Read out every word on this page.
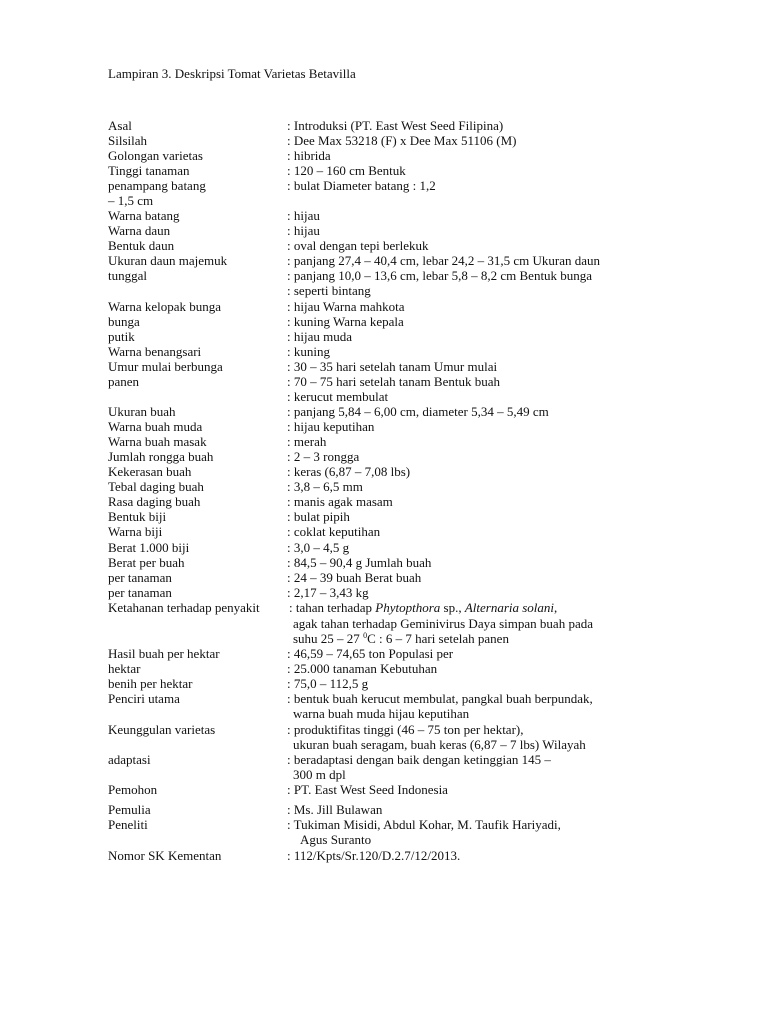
Lampiran 3. Deskripsi Tomat Varietas Betavilla
Asal	: Introduksi (PT. East West Seed Filipina)
Silsilah	: Dee Max 53218 (F) x Dee Max 51106 (M)
Golongan varietas	: hibrida
Tinggi tanaman	: 120 – 160 cm Bentuk
penampang batang	: bulat Diameter batang : 1,2
– 1,5 cm
Warna batang	: hijau
Warna daun	: hijau
Bentuk daun	: oval dengan tepi berlekuk
Ukuran daun majemuk	: panjang 27,4 – 40,4 cm, lebar 24,2 – 31,5 cm Ukuran daun
tunggal	: panjang 10,0 – 13,6 cm, lebar 5,8 – 8,2 cm Bentuk bunga
: seperti bintang
Warna kelopak bunga	: hijau Warna mahkota
bunga	: kuning Warna kepala
putik	: hijau muda
Warna benangsari	: kuning
Umur mulai berbunga	: 30 – 35 hari setelah tanam Umur mulai
panen	: 70 – 75 hari setelah tanam Bentuk buah
: kerucut membulat
Ukuran buah	: panjang 5,84 – 6,00 cm, diameter 5,34 – 5,49 cm
Warna buah muda	: hijau keputihan
Warna buah masak	: merah
Jumlah rongga buah	: 2 – 3 rongga
Kekerasan buah	: keras (6,87 – 7,08 lbs)
Tebal daging buah	: 3,8 – 6,5 mm
Rasa daging buah	: manis agak masam
Bentuk biji	: bulat pipih
Warna biji	: coklat keputihan
Berat 1.000 biji	: 3,0 – 4,5 g
Berat per buah	: 84,5 – 90,4 g Jumlah buah
per tanaman	: 24 – 39 buah Berat buah
per tanaman	: 2,17 – 3,43 kg
Ketahanan terhadap penyakit : tahan terhadap Phytopthora sp., Alternaria solani,
agak tahan terhadap Geminivirus Daya simpan buah pada
suhu 25 – 27 $^0$C : 6 – 7 hari setelah panen
Hasil buah per hektar	: 46,59 – 74,65 ton Populasi per
hektar	: 25.000 tanaman Kebutuhan
benih per hektar	: 75,0 – 112,5 g
Penciri utama	: bentuk buah kerucut membulat, pangkal buah berpundak,
warna buah muda hijau keputihan
Keunggulan varietas	: produktifitas tinggi (46 – 75 ton per hektar),
ukuran buah seragam, buah keras (6,87 – 7 lbs) Wilayah
adaptasi	: beradaptasi dengan baik dengan ketinggian 145 –
300 m dpl
Pemohon	: PT. East West Seed Indonesia
Pemulia	: Ms. Jill Bulawan
Peneliti	: Tukiman Misidi, Abdul Kohar, M. Taufik Hariyadi,
Agus Suranto
Nomor SK Kementan	: 112/Kpts/Sr.120/D.2.7/12/2013.
